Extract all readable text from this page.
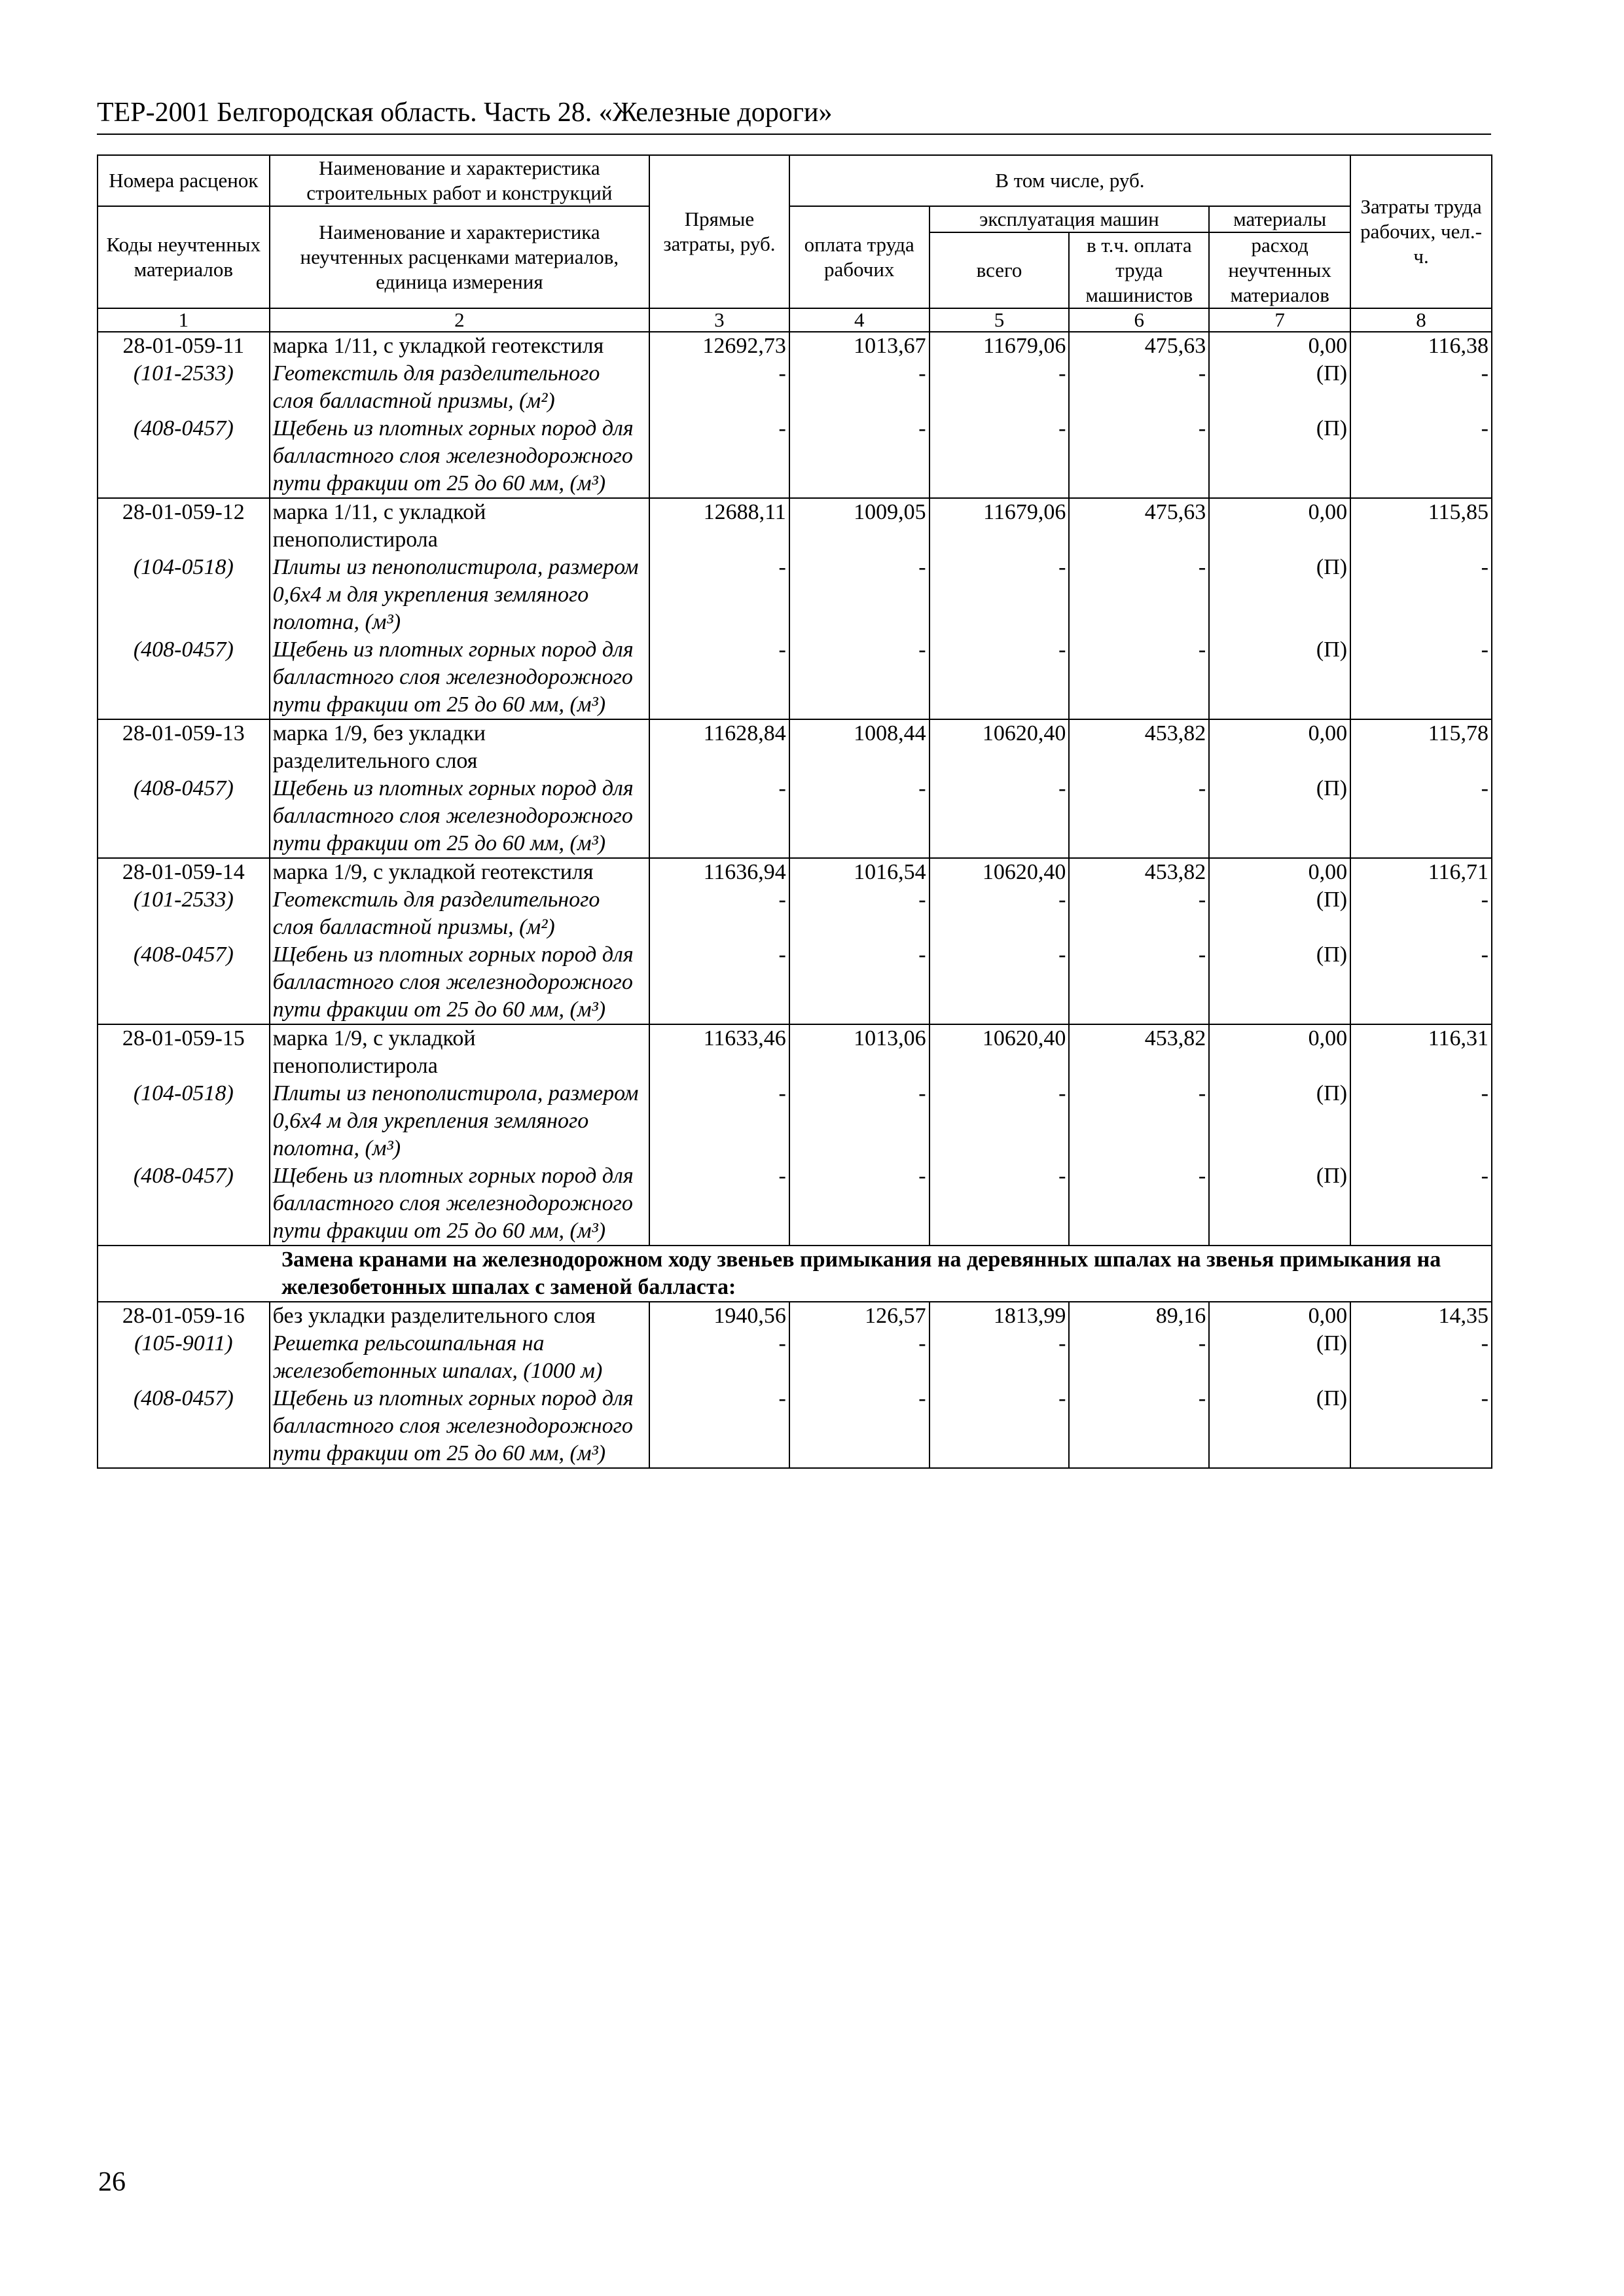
ТЕР-2001 Белгородская область. Часть 28. «Железные дороги»
Номера расценок	Наименование и характеристика строительных работ и конструкций	Прямые затраты, руб.	В том числе, руб.				Затраты труда рабочих, чел.-ч.
Коды неучтенных материалов	Наименование и характеристика неучтенных расценками материалов, единица измерения		оплата труда рабочих	эксплуатация машин		материалы	
				всего	в т.ч. оплата труда машинистов	расход неучтенных материалов	
1	2	3	4	5	6	7	8
28-01-059-11	марка 1/11, с укладкой геотекстиля	12692,73	1013,67	11679,06	475,63	0,00	116,38
(101-2533)	Геотекстиль для разделительного слоя балластной призмы, (м²)	-	-	-	-	(П)	-
(408-0457)	Щебень из плотных горных пород для балластного слоя железнодорожного пути фракции от 25 до 60 мм, (м³)	-	-	-	-	(П)	-
28-01-059-12	марка 1/11, с укладкой пенополистирола	12688,11	1009,05	11679,06	475,63	0,00	115,85
(104-0518)	Плиты из пенополистирола, размером 0,6х4 м для укрепления земляного полотна, (м³)	-	-	-	-	(П)	-
(408-0457)	Щебень из плотных горных пород для балластного слоя железнодорожного пути фракции от 25 до 60 мм, (м³)	-	-	-	-	(П)	-
28-01-059-13	марка 1/9, без укладки разделительного слоя	11628,84	1008,44	10620,40	453,82	0,00	115,78
(408-0457)	Щебень из плотных горных пород для балластного слоя железнодорожного пути фракции от 25 до 60 мм, (м³)	-	-	-	-	(П)	-
28-01-059-14	марка 1/9, с укладкой геотекстиля	11636,94	1016,54	10620,40	453,82	0,00	116,71
(101-2533)	Геотекстиль для разделительного слоя балластной призмы, (м²)	-	-	-	-	(П)	-
(408-0457)	Щебень из плотных горных пород для балластного слоя железнодорожного пути фракции от 25 до 60 мм, (м³)	-	-	-	-	(П)	-
28-01-059-15	марка 1/9, с укладкой пенополистирола	11633,46	1013,06	10620,40	453,82	0,00	116,31
(104-0518)	Плиты из пенополистирола, размером 0,6х4 м для укрепления земляного полотна, (м³)	-	-	-	-	(П)	-
(408-0457)	Щебень из плотных горных пород для балластного слоя железнодорожного пути фракции от 25 до 60 мм, (м³)	-	-	-	-	(П)	-
Замена кранами на железнодорожном ходу звеньев примыкания на деревянных шпалах на звенья примыкания на железобетонных шпалах с заменой балласта:							
28-01-059-16	без укладки разделительного слоя	1940,56	126,57	1813,99	89,16	0,00	14,35
(105-9011)	Решетка рельсошпальная на железобетонных шпалах, (1000 м)	-	-	-	-	(П)	-
(408-0457)	Щебень из плотных горных пород для балластного слоя железнодорожного пути фракции от 25 до 60 мм, (м³)	-	-	-	-	(П)	-
26
